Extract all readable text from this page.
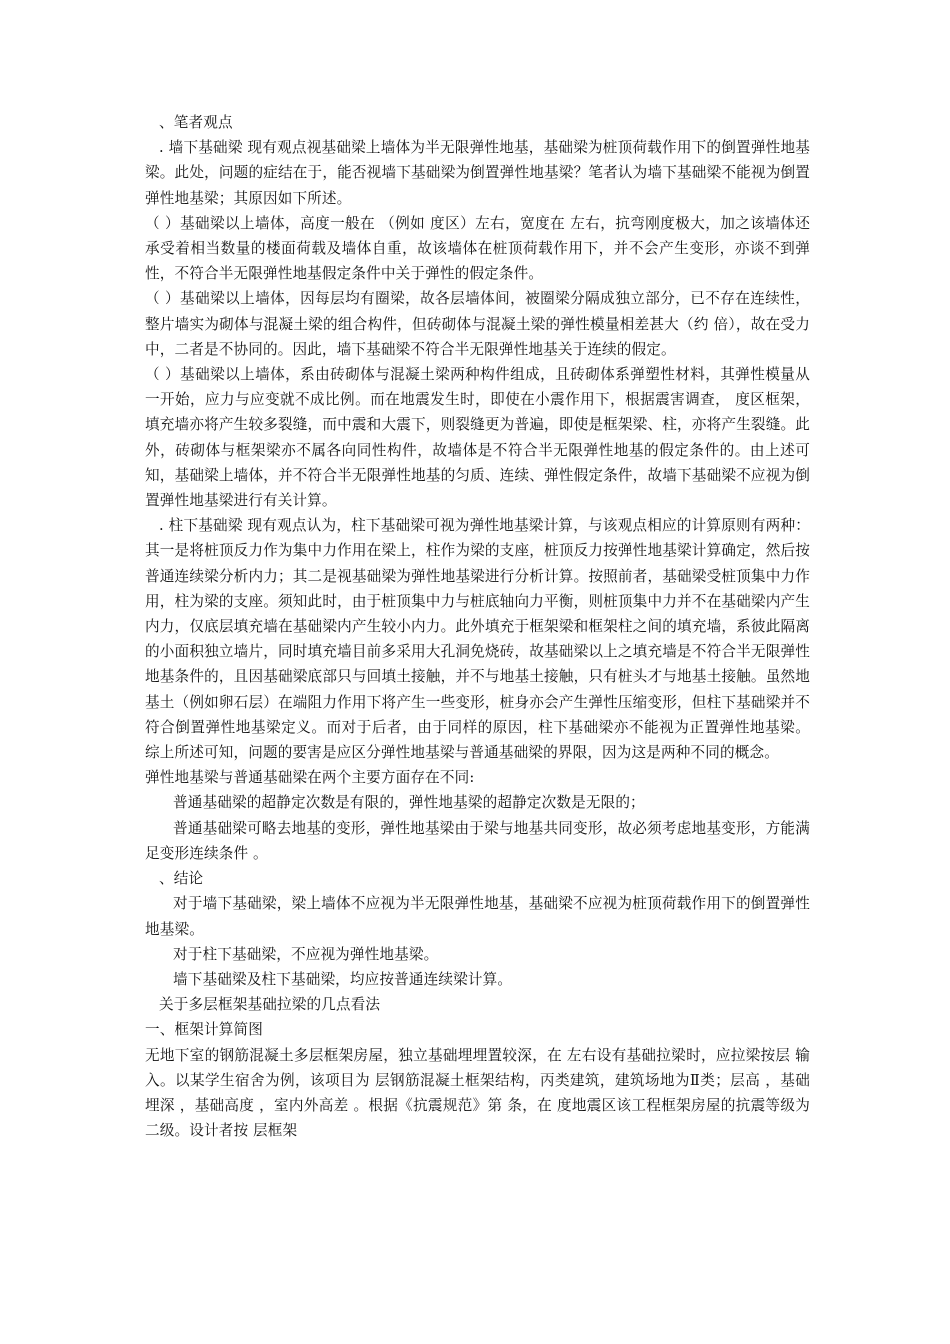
、笔者观点

. 墙下基础梁 现有观点视基础梁上墙体为半无限弹性地基，基础梁为桩顶荷载作用下的倒置弹性地基梁。此处，问题的症结在于，能否视墙下基础梁为倒置弹性地基梁？笔者认为墙下基础梁不能视为倒置弹性地基梁；其原因如下所述。

（ ）基础梁以上墙体，高度一般在 （例如 度区）左右，宽度在 左右，抗弯刚度极大，加之该墙体还承受着相当数量的楼面荷载及墙体自重，故该墙体在桩顶荷载作用下，并不会产生变形，亦谈不到弹性，不符合半无限弹性地基假定条件中关于弹性的假定条件。

（ ）基础梁以上墙体，因每层均有圈梁，故各层墙体间，被圈梁分隔成独立部分，已不存在连续性，整片墙实为砌体与混凝土梁的组合构件，但砖砌体与混凝土梁的弹性模量相差甚大（约 倍），故在受力中，二者是不协同的。因此，墙下基础梁不符合半无限弹性地基关于连续的假定。

（ ）基础梁以上墙体，系由砖砌体与混凝土梁两种构件组成，且砖砌体系弹塑性材料，其弹性模量从一开始，应力与应变就不成比例。而在地震发生时，即使在小震作用下，根据震害调查， 度区框架，填充墙亦将产生较多裂缝，而中震和大震下，则裂缝更为普遍，即使是框架梁、柱，亦将产生裂缝。此外，砖砌体与框架梁亦不属各向同性构件，故墙体是不符合半无限弹性地基的假定条件的。由上述可知，基础梁上墙体，并不符合半无限弹性地基的匀质、连续、弹性假定条件，故墙下基础梁不应视为倒置弹性地基梁进行有关计算。

. 柱下基础梁 现有观点认为，柱下基础梁可视为弹性地基梁计算，与该观点相应的计算原则有两种：其一是将桩顶反力作为集中力作用在梁上，柱作为梁的支座，桩顶反力按弹性地基梁计算确定，然后按普通连续梁分析内力；其二是视基础梁为弹性地基梁进行分析计算。按照前者，基础梁受桩顶集中力作用，柱为梁的支座。须知此时，由于桩顶集中力与桩底轴向力平衡，则桩顶集中力并不在基础梁内产生内力，仅底层填充墙在基础梁内产生较小内力。此外填充于框架梁和框架柱之间的填充墙，系彼此隔离的小面积独立墙片，同时填充墙目前多采用大孔洞免烧砖，故基础梁以上之填充墙是不符合半无限弹性地基条件的，且因基础梁底部只与回填土接触，并不与地基土接触，只有桩头才与地基土接触。虽然地基土（例如卵石层）在端阻力作用下将产生一些变形，桩身亦会产生弹性压缩变形，但柱下基础梁并不符合倒置弹性地基梁定义。而对于后者，由于同样的原因，柱下基础梁亦不能视为正置弹性地基梁。 综上所述可知，问题的要害是应区分弹性地基梁与普通基础梁的界限，因为这是两种不同的概念。

弹性地基梁与普通基础梁在两个主要方面存在不同:

普通基础梁的超静定次数是有限的，弹性地基梁的超静定次数是无限的；

普通基础梁可略去地基的变形，弹性地基梁由于梁与地基共同变形，故必须考虑地基变形，方能满足变形连续条件 。

、结论

对于墙下基础梁，梁上墙体不应视为半无限弹性地基，基础梁不应视为桩顶荷载作用下的倒置弹性地基梁。

对于柱下基础梁，不应视为弹性地基梁。

墙下基础梁及柱下基础梁，均应按普通连续梁计算。

关于多层框架基础拉梁的几点看法

一、框架计算简图

无地下室的钢筋混凝土多层框架房屋，独立基础埋埋置较深，在 左右设有基础拉梁时，应拉梁按层 输入。以某学生宿舍为例，该项目为 层钢筋混凝土框架结构，丙类建筑，建筑场地为Ⅱ类；层高 ，基础埋深 ，基础高度 ，室内外高差 。根据《抗震规范》第 条，在 度地震区该工程框架房屋的抗震等级为二级。设计者按 层框架
